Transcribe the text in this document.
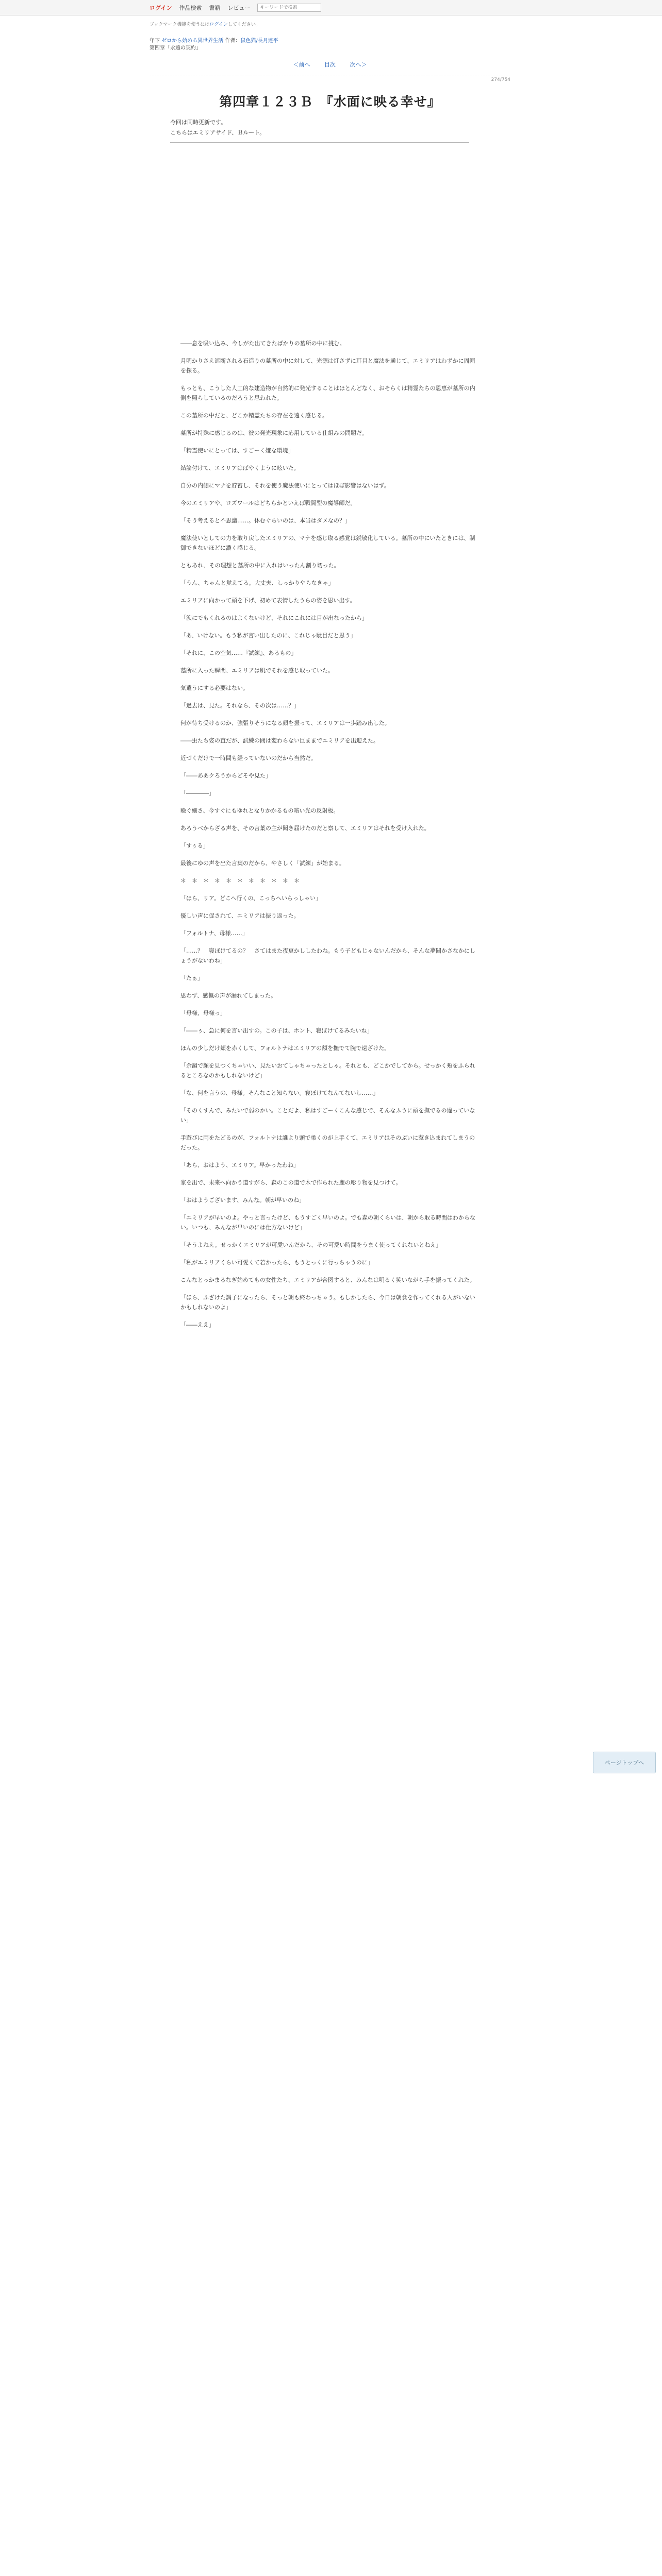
ログイン 作品検索 書籍 レビュー
キーワードで検索
ブックマーク機能を使うにはログインしてください。
年下 ゼロから始める異世界生活 作者：鼠色猫/長月達平
第四章「永遠の契約」
＜前へ	目次	次へ＞
274/754
第四章１２３Ｂ　『水面に映る幸せ』
今回は同時更新です。
こちらはエミリアサイド、Ｂルート。

――息を吸い込み、今しがた出てきたばかりの墓所の中に挑む。

月明かりさえ遮断される石造りの墓所の中に対して、光源は灯さずに耳目と魔法を通じて、エミリアはわずかに周囲を探る。

もっとも、こうした人工的な建造物が自然的に発光することはほとんどなく、おそらくは精霊たちの恩恵が墓所の内側を照らしているのだろうと思われた。

この墓所の中だと、どこか精霊たちの存在を遠く感じる。

墓所が特殊に感じるのは、彼の発光現象に応用している仕組みの問題だ。

「精霊使いにとっては、すごーく嫌な環境」

結論付けて、エミリアはぱやくように呟いた。

自分の内側にマナを貯蓄し、それを使う魔法使いにとってはほぼ影響はないはず。

今のエミリアや、ロズワールはどちらかといえば戦闘型の魔導師だ。

「そう考えると不思議……。休むぐらいのは、本当はダメなの？」

魔法使いとしての力を取り戻したエミリアの、マナを感じ取る感覚は鋭敏化している。墓所の中にいたときには、制御できないほどに濃く感じる。

ともあれ、その理想と墓所の中に入れはいったん割り切った。

「うん、ちゃんと覚えてる。大丈夫、しっかりやらなきゃ」

エミリアに向かって頭を下げ、初めて表情したうらの姿を思い出す。

「涙にでもくれるのはよくないけど、それにこれには目が出なったから」

「あ、いけない。もう私が言い出したのに、これじゃ駄目だと思う」

「それに、この空気……『試練』、あるもの」

墓所に入った瞬間、エミリアは肌でそれを感じ取っていた。

気遣うにする必要はない。

「過去は、見た。それなら、その次は……？」

何が待ち受けるのか、強張りそうになる顔を振って、エミリアは一歩踏み出した。

――虫たち姿の直だが、試練の間は変わらない巨ままでエミリアを出迎えた。

近づくだけで一時間も経っていないのだから当然だ。

「――ああクろうからどそや見た」

「――――」

瞼ぐ細さ、今すぐにもゆれとなりかかるもの暗い光の反射板。

あろうべからざる声を、その言葉の主が聞き届けたのだと察して、エミリアはそれを受け入れた。

「すぅる」

最後にゆの声を出た言葉のだから、やさしく「試練」が始まる。

＊　＊　＊　＊　＊　＊　＊　＊　＊　＊　＊

「ほら、リア。どこへ行くの、こっちへいらっしゃい」

優しい声に促されて、エミリアは振り返った。

「フォルトナ、母様……」

「……？　寝ぼけてるの？　さてはまた夜更かししたわね。もう子どもじゃないんだから、そんな夢聞かさなかにしょうがないわね」

「たぁ」

思わず、感慨の声が漏れてしまった。

「母様、母様っ」

「――ぅ、急に何を言い出すの。この子は、ホント、寝ぼけてるみたいね」

ほんの少しだけ頬を赤くして、フォルトナはエミリアの額を撫でて腕で遠ざけた。

「余韻で顔を見つくちゃいい、見たいおてしゃちゃったとしゃ。それとも、どこかでしてから。せっかく頬をふられるところなのかもしれないけど」

「な、何を言うの、母様。そんなこと知らない。寝ぼけてなんてないし……」

「そのくすんで、みたいで弱のかい。ことだよ、私はすごーくこんな感じで、そんなふうに頭を撫でるの違っていない」

手遊びに両をたどるのが、フォルトナは誰より頭で巣くのが上手くて、エミリアはそのぶいに惹き込まれてしまうのだった。

「あら、おはよう、エミリア。早かったわね」

家を出で、未来へ向かう道すがら、森のこの道で木で作られた鹿の彫り物を見つけて。

「おはようございます、みんな。朝が早いのね」

「エミリアが早いのよ。やっと言ったけど、もうすごく早いのよ。でも森の朝くらいは、朝から取る時間はわからない。いつも、みんなが早いのには仕方ないけど」

「そうよねえ。せっかくエミリアが可愛いんだから、その可愛い時間をうまく使ってくれないとねえ」

「私がエミリアくらい可愛くて若かったら、もうとっくに行っちゃうのに」

こんなとっかまるなぎ始めてもの女性たち、エミリアが合図すると、みんなは明るく笑いながら手を振ってくれた。

「ほら、ふざけた調子になったら、そっと朝も終わっちゃう。もしかしたら、今日は朝食を作ってくれる人がいないかもしれないのよ」

「――ええ」

ページトップへ
